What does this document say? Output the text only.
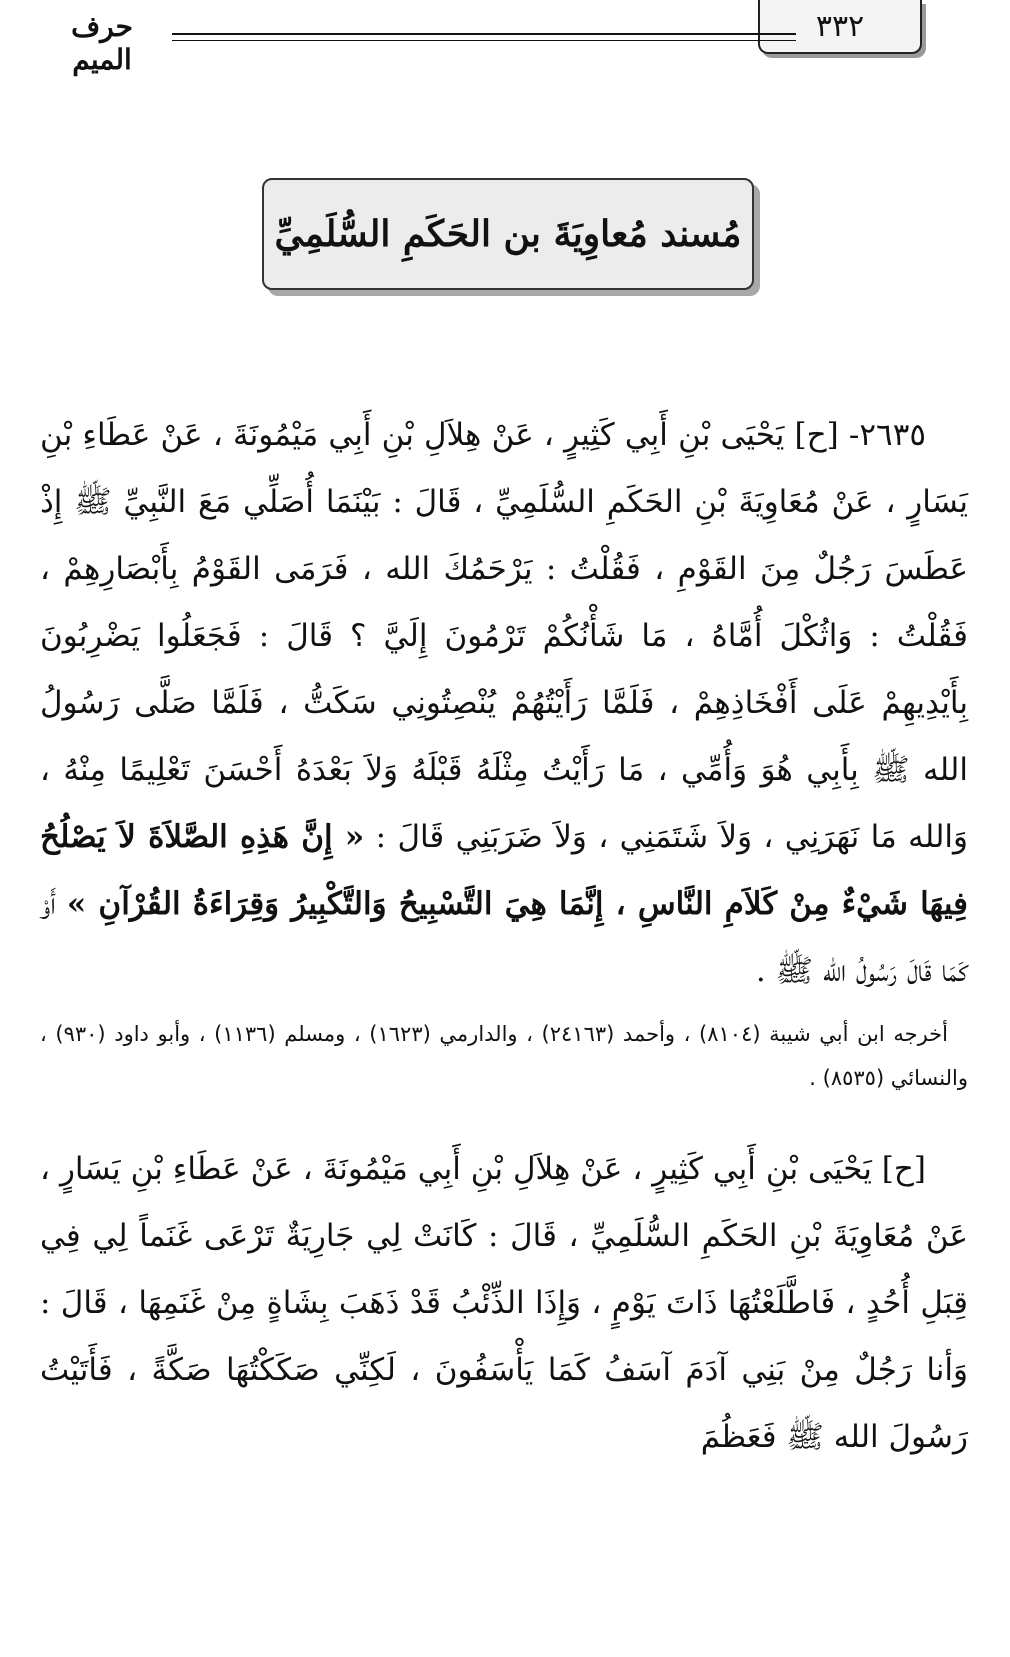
٣٣٢
حرف الميم
مُسند مُعاوِيَةَ بن الحَكَمِ السُّلَمِيِّ

٢٦٣٥- [ح] يَحْيَى بْنِ أَبِي كَثِيرٍ ، عَنْ هِلاَلِ بْنِ أَبِي مَيْمُونَةَ ، عَنْ عَطَاءِ بْنِ يَسَارٍ ، عَنْ مُعَاوِيَةَ بْنِ الحَكَمِ السُّلَمِيِّ ، قَالَ : بَيْنَمَا أُصَلِّي مَعَ النَّبِيِّ ﷺ إِذْ عَطَسَ رَجُلٌ مِنَ القَوْمِ ، فَقُلْتُ : يَرْحَمُكَ الله ، فَرَمَى القَوْمُ بِأَبْصَارِهِمْ ، فَقُلْتُ : وَاثُكْلَ أُمَّاهُ ، مَا شَأْنُكُمْ تَرْمُونَ إِلَيَّ ؟ قَالَ : فَجَعَلُوا يَضْرِبُونَ بِأَيْدِيهِمْ عَلَى أَفْخَاذِهِمْ ، فَلَمَّا رَأَيْتُهُمْ يُنْصِتُونِي سَكَتُّ ، فَلَمَّا صَلَّى رَسُولُ الله ﷺ بِأَبِي هُوَ وَأُمِّي ، مَا رَأَيْتُ مِثْلَهُ قَبْلَهُ وَلاَ بَعْدَهُ أَحْسَنَ تَعْلِيمًا مِنْهُ ، وَالله مَا نَهَرَنِي ، وَلاَ شَتَمَنِي ، وَلاَ ضَرَبَنِي قَالَ : « إِنَّ هَذِهِ الصَّلاَةَ لاَ يَصْلُحُ فِيهَا شَيْءٌ مِنْ كَلاَمِ النَّاسِ ، إِنَّمَا هِيَ التَّسْبِيحُ وَالتَّكْبِيرُ وَقِرَاءَةُ القُرْآنِ » أَوْ كَمَا قَالَ رَسُولُ الله ﷺ .

أخرجه ابن أبي شيبة (٨١٠٤) ، وأحمد (٢٤١٦٣) ، والدارمي (١٦٢٣) ، ومسلم (١١٣٦) ، وأبو داود (٩٣٠) ، والنسائي (٨٥٣٥) .

[ح] يَحْيَى بْنِ أَبِي كَثِيرٍ ، عَنْ هِلاَلِ بْنِ أَبِي مَيْمُونَةَ ، عَنْ عَطَاءِ بْنِ يَسَارٍ ، عَنْ مُعَاوِيَةَ بْنِ الحَكَمِ السُّلَمِيِّ ، قَالَ : كَانَتْ لِي جَارِيَةٌ تَرْعَى غَنَماً لِي فِي قِبَلِ أُحُدٍ ، فَاطَّلَعْتُهَا ذَاتَ يَوْمٍ ، وَإِذَا الذِّئْبُ قَدْ ذَهَبَ بِشَاةٍ مِنْ غَنَمِهَا ، قَالَ : وَأنا رَجُلٌ مِنْ بَنِي آدَمَ آسَفُ كَمَا يَأْسَفُونَ ، لَكِنِّي صَكَكْتُهَا صَكَّةً ، فَأَتَيْتُ رَسُولَ الله ﷺ فَعَظُمَ
